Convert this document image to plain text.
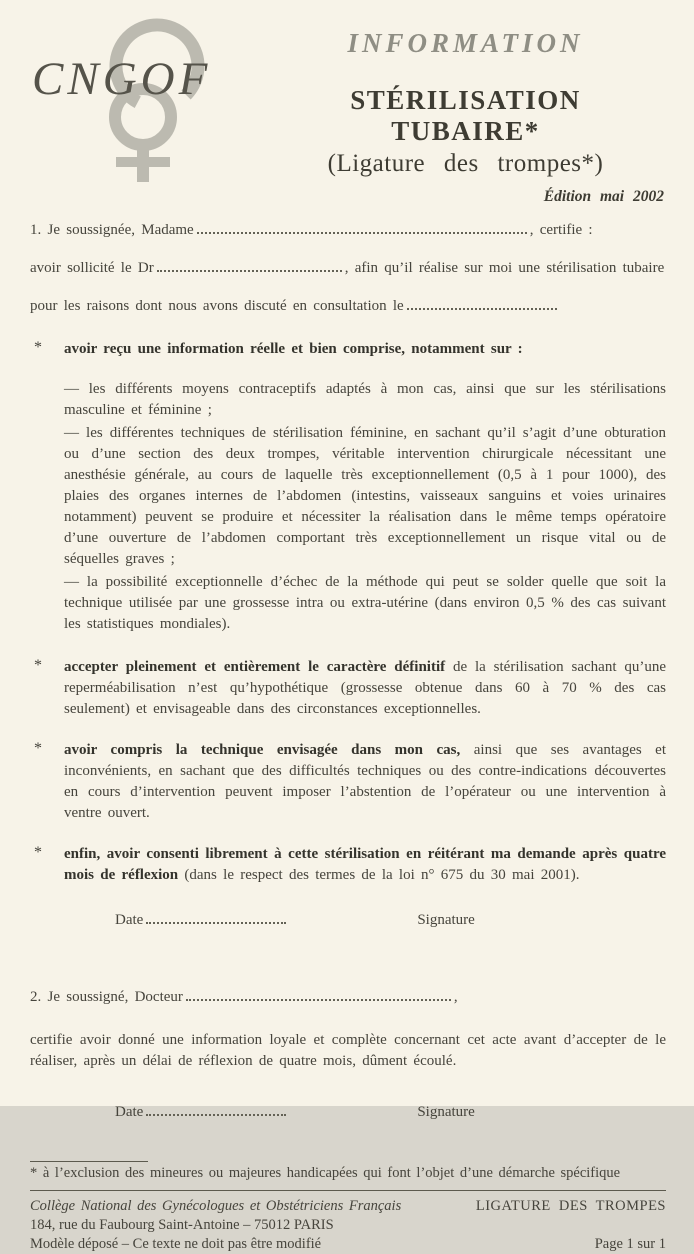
CNGOF
INFORMATION
STÉRILISATION TUBAIRE*
(Ligature des trompes*)
Édition mai 2002

1. Je soussignée, Madame	, certifie :

avoir sollicité le Dr	, afin qu’il réalise sur moi une stérilisation tubaire

pour les raisons dont nous avons discuté en consultation le

*	avoir reçu une information réelle et bien comprise, notamment sur :

— les différents moyens contraceptifs adaptés à mon cas, ainsi que sur les stérilisations masculine et féminine ;

— les différentes techniques de stérilisation féminine, en sachant qu’il s’agit d’une obturation ou d’une section des deux trompes, véritable intervention chirurgicale nécessitant une anesthésie générale, au cours de laquelle très exceptionnellement (0,5 à 1 pour 1000), des plaies des organes internes de l’abdomen (intestins, vaisseaux sanguins et voies urinaires notamment) peuvent se produire et nécessiter la réalisation dans le même temps opératoire d’une ouverture de l’abdomen comportant très exceptionnellement un risque vital ou de séquelles graves ;

— la possibilité exceptionnelle d’échec de la méthode qui peut se solder quelle que soit la technique utilisée par une grossesse intra ou extra-utérine (dans environ 0,5 % des cas suivant les statistiques mondiales).

*	accepter pleinement et entièrement le caractère définitif de la stérilisation sachant qu’une reperméabilisation n’est qu’hypothétique (grossesse obtenue dans 60 à 70 % des cas seulement) et envisageable dans des circonstances exceptionnelles.
*	avoir compris la technique envisagée dans mon cas, ainsi que ses avantages et inconvénients, en sachant que des difficultés techniques ou des contre-indications découvertes en cours d’intervention peuvent imposer l’abstention de l’opérateur ou une intervention à ventre ouvert.
*	enfin, avoir consenti librement à cette stérilisation en réitérant ma demande après quatre mois de réflexion (dans le respect des termes de la loi n° 675 du 30 mai 2001).
Date	Signature

2. Je soussigné, Docteur	,

certifie avoir donné une information loyale et complète concernant cet acte avant d’accepter de le réaliser, après un délai de réflexion de quatre mois, dûment écoulé.

Date	Signature
* à l’exclusion des mineures ou majeures handicapées qui font l’objet d’une démarche spécifique
Collège National des Gynécologues et Obstétriciens Français
184, rue du Faubourg Saint-Antoine – 75012 PARIS
Modèle déposé – Ce texte ne doit pas être modifié
LIGATURE DES TROMPES
Page 1 sur 1
